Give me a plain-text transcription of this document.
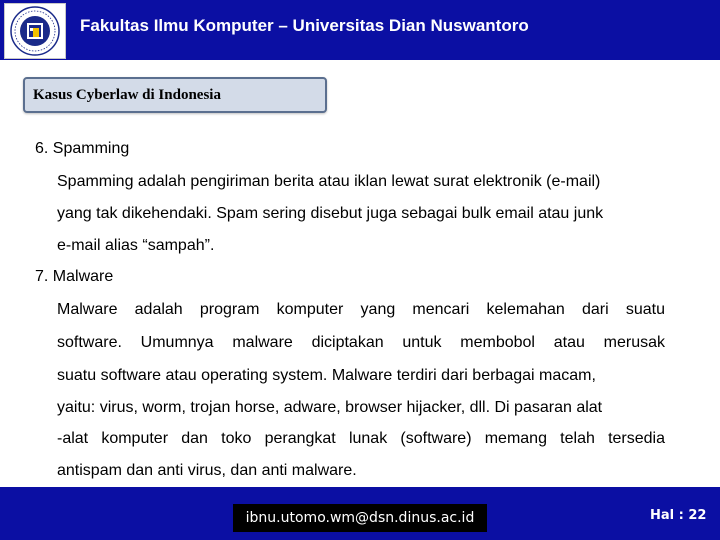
Fakultas Ilmu Komputer – Universitas Dian Nuswantoro
Kasus Cyberlaw di Indonesia
6. Spamming
Spamming adalah pengiriman berita atau iklan lewat surat elektronik (e-mail)
yang tak dikehendaki. Spam sering disebut juga sebagai bulk email atau junk
e-mail alias “sampah”.
7. Malware
Malware adalah program komputer yang mencari kelemahan dari suatu
software. Umumnya malware diciptakan untuk membobol atau merusak
suatu software atau operating system. Malware terdiri dari berbagai macam,
yaitu: virus, worm, trojan horse, adware, browser hijacker, dll. Di pasaran alat
-alat komputer dan toko perangkat lunak (software) memang telah tersedia
antispam dan anti virus, dan anti malware.
ibnu.utomo.wm@dsn.dinus.ac.id	Hal : 22
